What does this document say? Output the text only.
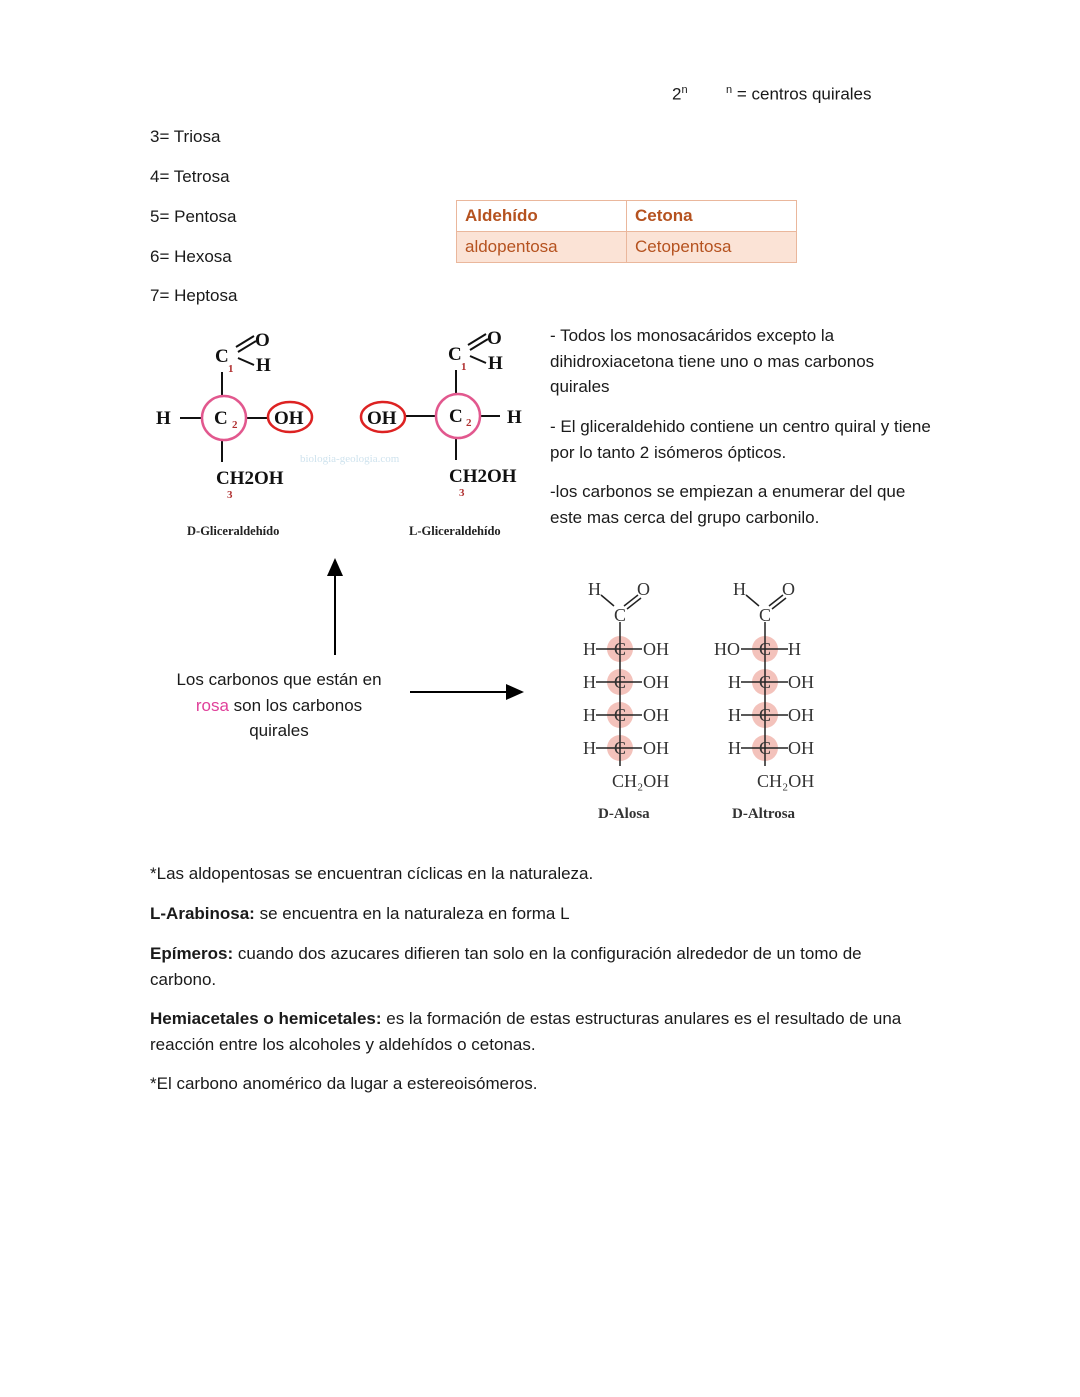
2$^n$	$^n$ = centros quirales
3= Triosa
4= Tetrosa
5= Pentosa
6= Hexosa
7= Heptosa
Aldehído	Cetona
aldopentosa	Cetopentosa
- Todos los monosacáridos excepto la dihidroxiacetona tiene uno o mas carbonos quirales
- El gliceraldehido contiene un centro quiral y tiene por lo tanto 2 isómeros ópticos.
-los carbonos se empiezan a enumerar del que este mas cerca del grupo carbonilo.
C
1
O
H
H C 2 OH
CH2OH
3
D-Gliceraldehído
biologia-geologia.com
C
1
O
H
OH	C 2 H
CH2OH
3
L-Gliceraldehído
H O
C
H C OH
H C OH
H C OH
H C OH
CH₂OH
D-Alosa
H O
C
HO C H
H C OH
H C OH
H C OH
CH₂OH
D-Altrosa
Los carbonos que están en
rosa son los carbonos
quirales
*Las aldopentosas se encuentran cíclicas en la naturaleza.
L-Arabinosa: se encuentra en la naturaleza en forma L
Epímeros: cuando dos azucares difieren tan solo en la configuración alrededor de un tomo de carbono.
Hemiacetales o hemicetales: es la formación de estas estructuras anulares es el resultado de una reacción entre los alcoholes y aldehídos o cetonas.
*El carbono anomérico da lugar a estereoisómeros.
